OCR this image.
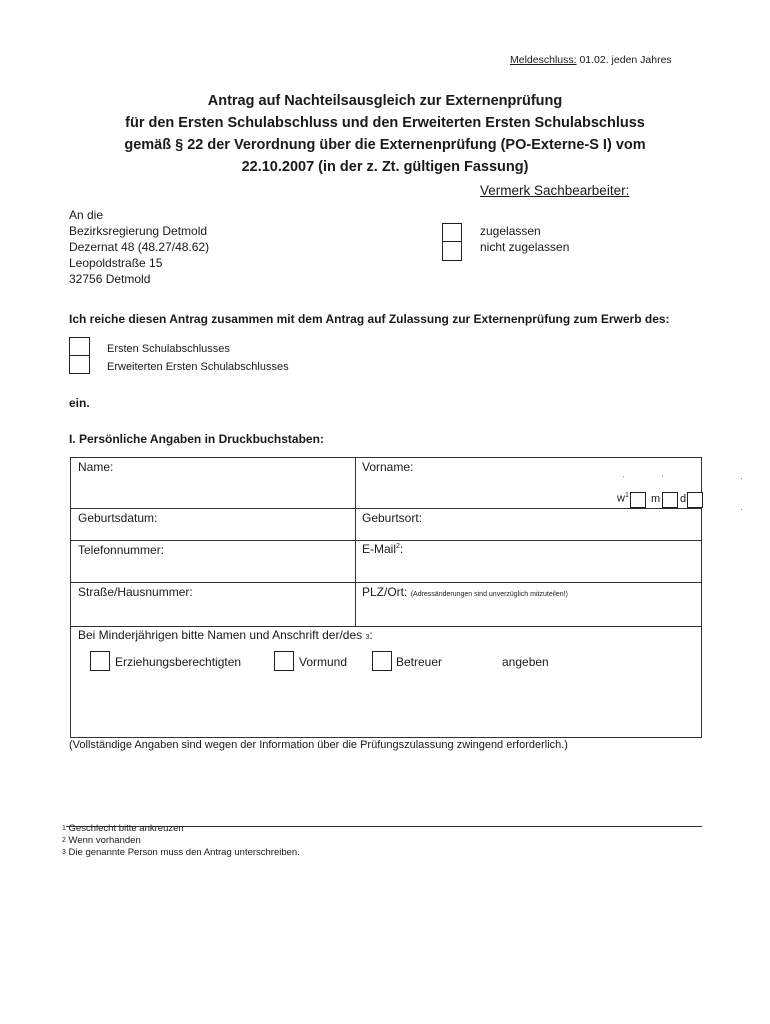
Meldeschluss: 01.02. jeden Jahres
Antrag auf Nachteilsausgleich zur Externenprüfung
für den Ersten Schulabschluss und den Erweiterten Ersten Schulabschluss
gemäß § 22 der Verordnung über die Externenprüfung (PO-Externe-S I) vom
22.10.2007 (in der z. Zt. gültigen Fassung)
Vermerk Sachbearbeiter:
An die
Bezirksregierung Detmold
Dezernat 48 (48.27/48.62)
Leopoldstraße 15
32756 Detmold
zugelassen
nicht zugelassen
Ich reiche diesen Antrag zusammen mit dem Antrag auf Zulassung zur Externenprüfung zum Erwerb des:
Ersten Schulabschlusses
Erweiterten Ersten Schulabschlusses
ein.
I. Persönliche Angaben in Druckbuchstaben:
Name:	Vorname:
$w^1$ m d
Geburtsdatum:	Geburtsort:
Telefonnummer:	E-Mail$^2$:
Straße/Hausnummer:	PLZ/Ort: (Adressänderungen sind unverzüglich mitzuteilen!)
Bei Minderjährigen bitte Namen und Anschrift der/des 3:
Erziehungsberechtigten	Vormund	Betreuer	angeben
(Vollständige Angaben sind wegen der Information über die Prüfungszulassung zwingend erforderlich.)
$^1$ Geschlecht bitte ankreuzen
$^2$ Wenn vorhanden
$^3$ Die genannte Person muss den Antrag unterschreiben.
